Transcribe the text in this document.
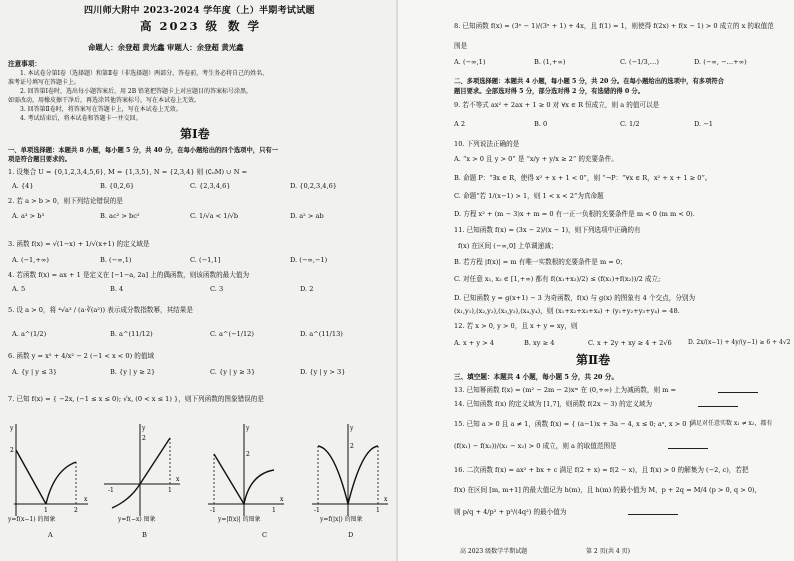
四川师大附中 2023-2024 学年度（上）半期考试试题
高 2023 级 数 学
命题人：余登超 黄光鑫 审题人：余登超 黄光鑫
注意事项：
1. 本试卷分第Ⅰ卷（选择题）和第Ⅱ卷（非选择题）两部分，答卷前，考生务必将自己的姓名、
准考证号填写在答题卡上。
2. 回答第Ⅰ卷时，选出每小题答案后，用 2B 铅笔把答题卡上对应题目的答案标号涂黑，
如需改动，用橡皮擦干净后，再选涂其他答案标号，写在本试卷上无效。
3. 回答第Ⅱ卷时，将答案写在答题卡上，写在本试卷上无效。
4. 考试结束后，将本试卷和答题卡一并交回。
第Ⅰ卷
一、单项选择题：本题共 8 小题，每小题 5 分，共 40 分，在每小题给出的四个选项中，只有一
项是符合题目要求的。
1. 设集合 U = {0,1,2,3,4,5,6}, M = {1,3,5}, N = {2,3,4} 则 (∁ᵤM) ∪ N =
A. {4}	B. {0,2,6}	C. {2,3,4,6}	D. {0,2,3,4,6}
2. 若 a > b > 0，则下列结论错误的是
A. a³ > b³	B. ac² > bc²	C. 1/√a < 1/√b	D. a² > ab
3. 函数 f(x) = √(1−x) + 1/√(x+1) 的定义域是
A. (−1,+∞)	B. (−∞,1)	C. (−1,1]	D. (−∞,−1)
4. 若函数 f(x) = ax + 1 是定义在 [−1−a, 2a] 上的偶函数，则该函数的最大值为
A. 5	B. 4	C. 3	D. 2
5. 设 a > 0，将 ⁴√a³ / (a·∛(a²)) 表示成分数指数幂，其结果是
A. a^(1/2)	B. a^(11/12)	C. a^(−1/12)	D. a^(11/13)
6. 函数 y = x² + 4/x² − 2 (−1 < x < 0) 的值域
A. {y | y ≤ 3}	B. {y | y ≥ 2}	C. {y | y ≥ 3}	D. {y | y > 3}
7. 已知 f(x) = { −2x, (−1 ≤ x ≤ 0); √x, (0 < x ≤ 1) }，则下列函数的图象错误的是
y
2
1	2
x
y=f(x−1) 的图象
A
y
2
-1	1
x
y=f(−x) 图象
B
y
2
-1	1
x
y=|f(x)| 的图象
C
y
2
-1	1
x
y=f(|x|) 的图象
D
8. 已知函数 f(x) = (3ˣ − 1)/(3ˣ + 1) + 4x，且 f(1) = 1，则使得 f(2x) + f(x − 1) > 0 成立的 x 的取值范
围是
A. (−∞,1)	B. (1,+∞)	C. (−1/3,…)	D. (−∞, −…+∞)
二、多项选择题：本题共 4 小题，每小题 5 分，共 20 分。在每小题给出的选项中，有多项符合
题目要求。全部选对得 5 分，部分选对得 2 分，有选错的得 0 分。
9. 若不等式 ax² + 2ax + 1 ≥ 0 对 ∀x ∈ R 恒成立，则 a 的值可以是
A 2	B. 0	C. 1/2	D. −1
10. 下列说法正确的是
A. “x > 0 且 y > 0” 是 “x/y + y/x ≥ 2” 的充要条件。
B. 命题 P：“∃x ∈ R，使得 x² + x + 1 < 0”，则 “¬P：“∀x ∈ R，x² + x + 1 ≥ 0”。
C. 命题“若 1/(x−1) > 1，则 1 < x < 2”为真命题
D. 方程 x² + (m − 3)x + m = 0 有一正一负根的充要条件是 m < 0 (m m < 0).
11. 已知函数 f(x) = (3x − 2)/(x − 1)，则下列选项中正确的有
f(x) 在区间 (−∞,0] 上单调递减；
B. 若方程 |f(x)| = m 有唯一实数根的充要条件是 m = 0；
C. 对任意 x₁, x₂ ∈ [1,+∞) 都有 f((x₁+x₂)/2) ≤ (f(x₁)+f(x₂))/2 成立;
D. 已知函数 y = g(x+1) − 3 为奇函数，f(x) 与 g(x) 的图象有 4 个交点，分别为
(x₁,y₁),(x₂,y₂),(x₃,y₃),(x₄,y₄)，则 (x₁+x₂+x₃+x₄) + (y₁+y₂+y₃+y₄) = 48.
12. 若 x > 0, y > 0，且 x + y = xy，则
A. x + y > 4	B. xy ≥ 4	C. x + 2y + xy ≥ 4 + 2√6	D. 2x/(x−1) + 4y/(y−1) ≥ 6 + 4√2
第Ⅱ卷
三、填空题：本题共 4 小题，每小题 5 分，共 20 分。
13. 已知幂函数 f(x) = (m² − 2m − 2)xᵐ 在 (0,+∞) 上为减函数，则 m =
14. 已知函数 f(x) 的定义域为 [1,7]，则函数 f(2x − 3) 的定义域为
15. 已知 a > 0 且 a ≠ 1，函数 f(x) = { (a−1)x + 3a − 4, x ≤ 0; aˣ, x > 0 }
满足对任意实数 x₁ ≠ x₂，都有
(f(x₁) − f(x₂))/(x₁ − x₂) > 0 成立，则 a 的取值范围是
16. 二次函数 f(x) = ax² + bx + c 满足 f(2 + x) = f(2 − x)，且 f(x) > 0 的解集为 (−2, c)，若把
f(x) 在区间 [m, m+1] 的最大值记为 h(m)，且 h(m) 的最小值为 M，p + 2q = M/4 (p > 0, q > 0)，
则 p/q + 4/p² + p³/(4q²) 的最小值为
高 2023 级数学半期试题	第 2 页(共 4 页)
